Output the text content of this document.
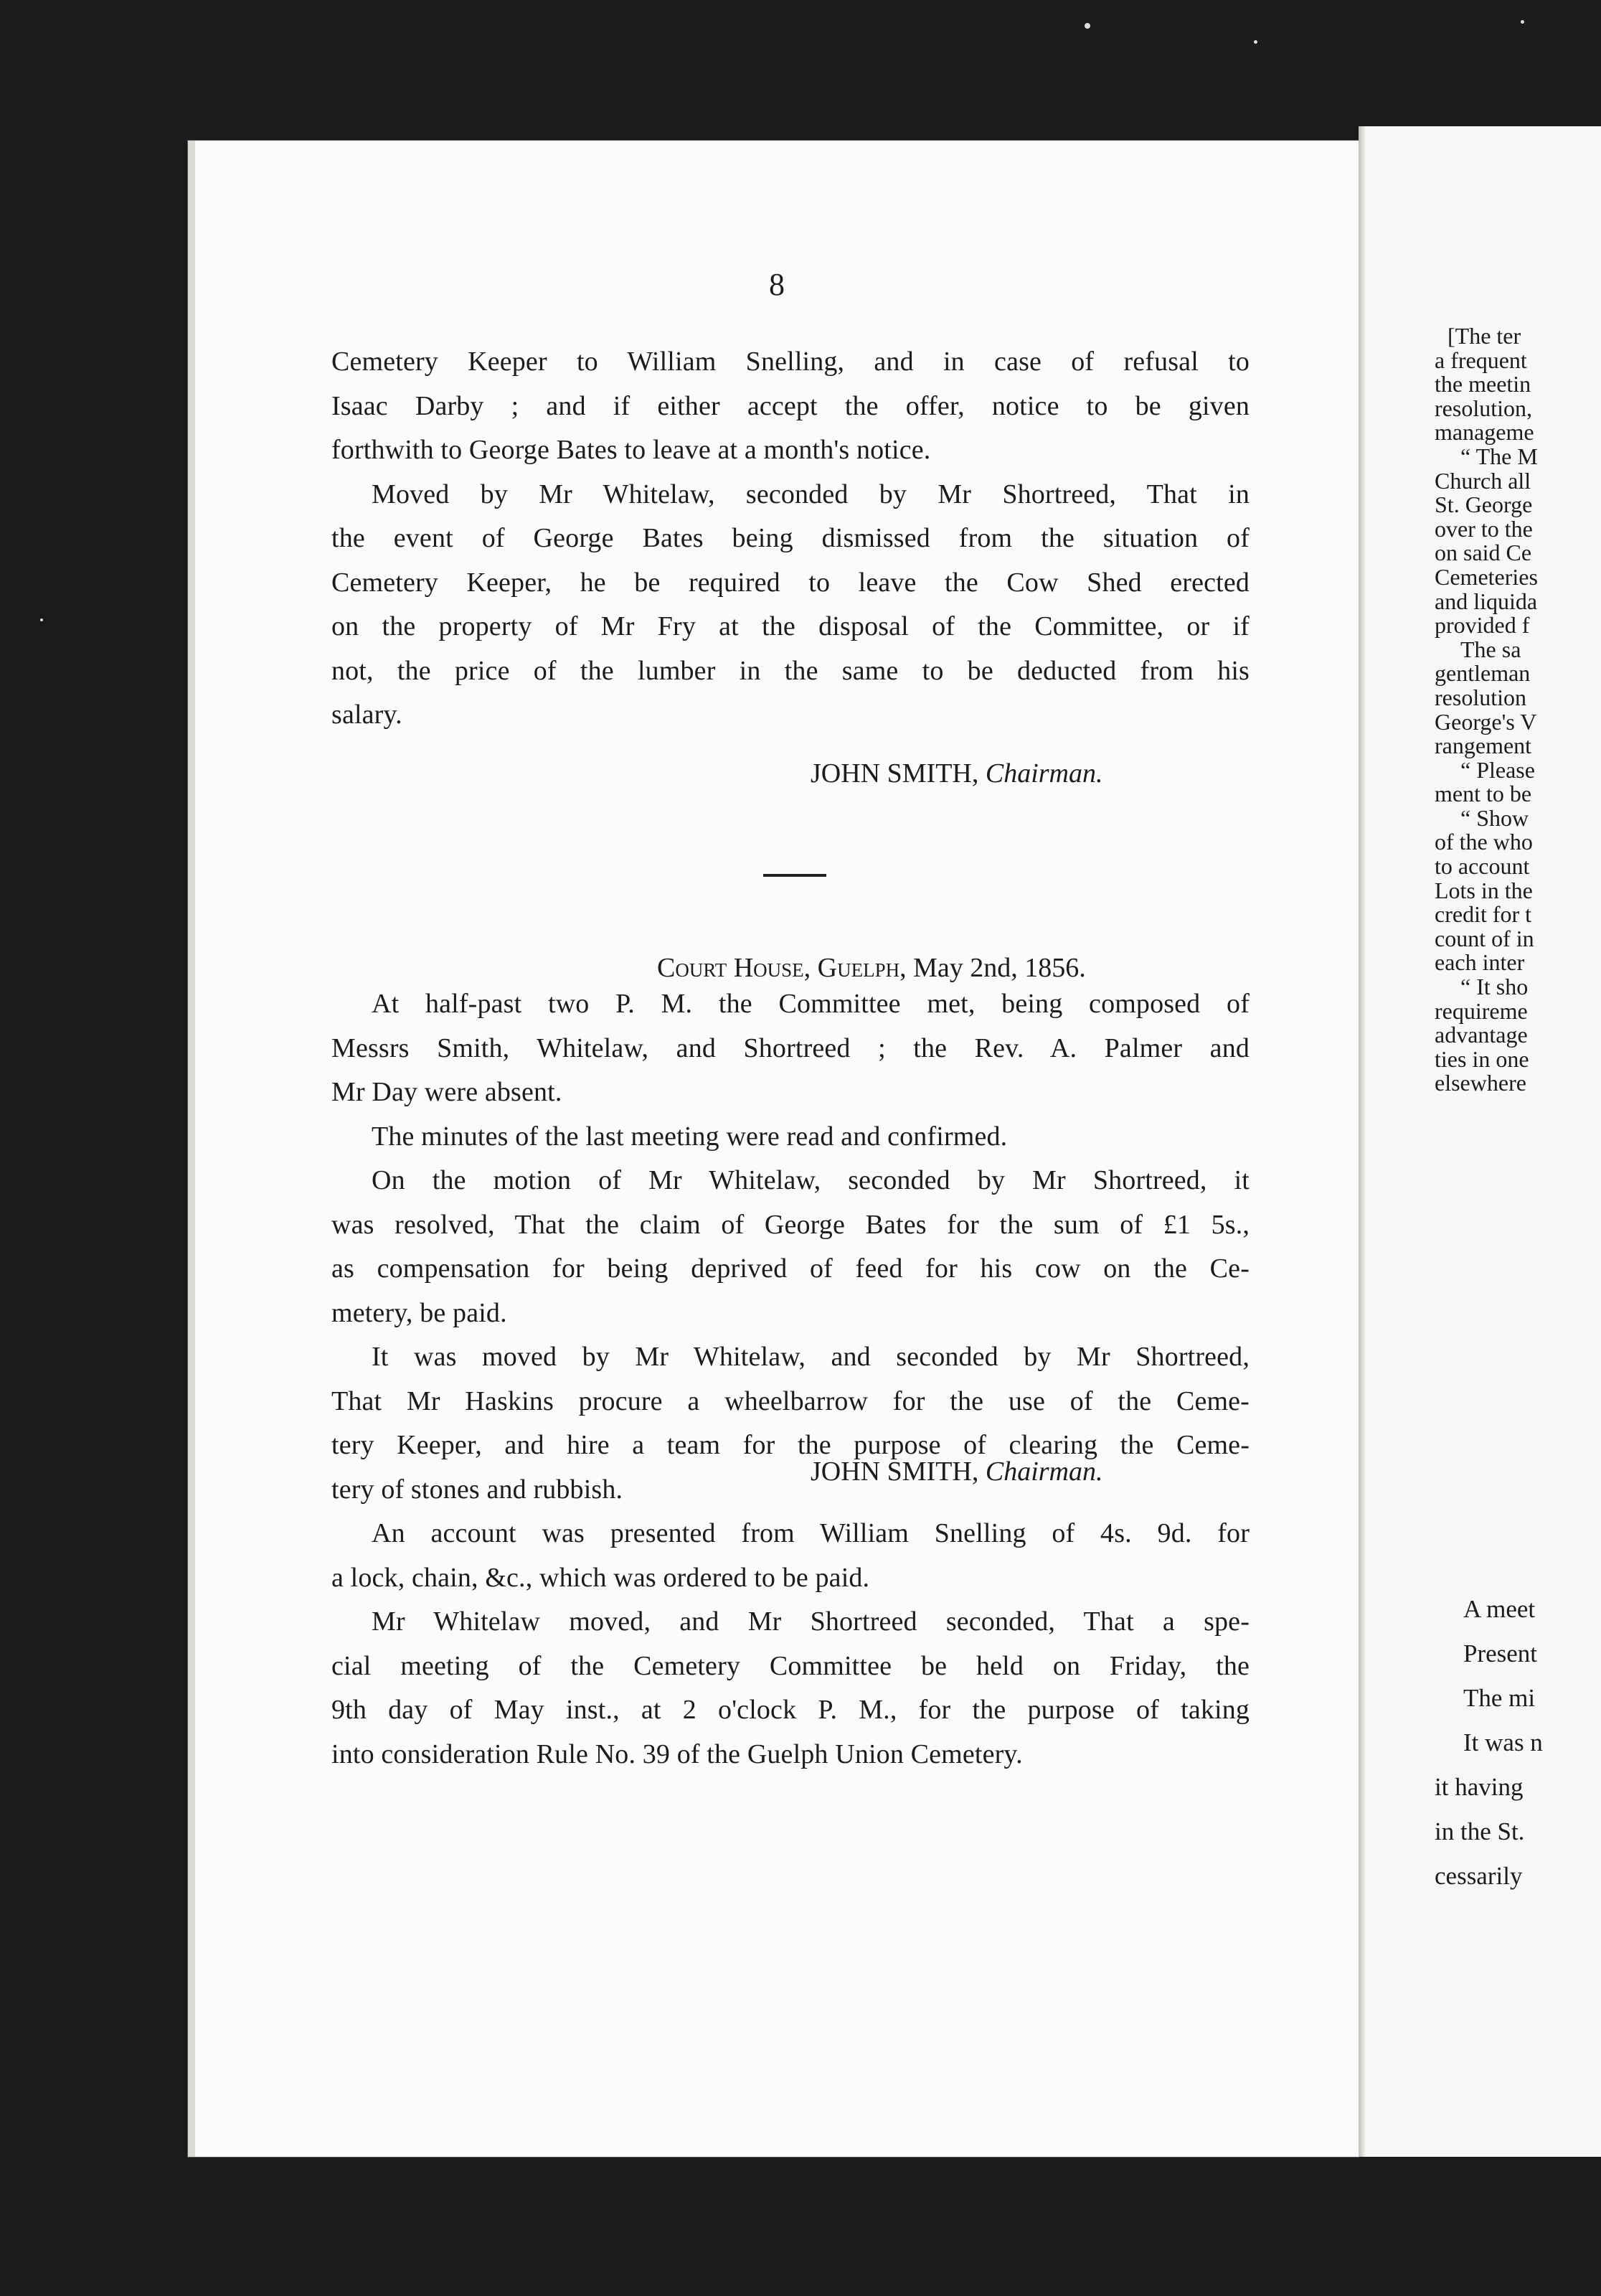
8

Cemetery Keeper to William Snelling, and in case of refusal to

Isaac Darby ; and if either accept the offer, notice to be given

forthwith to George Bates to leave at a month's notice.

Moved by Mr Whitelaw, seconded by Mr Shortreed, That in

the event of George Bates being dismissed from the situation of

Cemetery Keeper, he be required to leave the Cow Shed erected

on the property of Mr Fry at the disposal of the Committee, or if

not, the price of the lumber in the same to be deducted from his

salary.

JOHN SMITH, Chairman.
Court House, Guelph, May 2nd, 1856.

At half-past two P. M. the Committee met, being composed of

Messrs Smith, Whitelaw, and Shortreed ; the Rev. A. Palmer and

Mr Day were absent.

The minutes of the last meeting were read and confirmed.

On the motion of Mr Whitelaw, seconded by Mr Shortreed, it

was resolved, That the claim of George Bates for the sum of £1 5s.,

as compensation for being deprived of feed for his cow on the Ce-

metery, be paid.

It was moved by Mr Whitelaw, and seconded by Mr Shortreed,

That Mr Haskins procure a wheelbarrow for the use of the Ceme-

tery Keeper, and hire a team for the purpose of clearing the Ceme-

tery of stones and rubbish.

An account was presented from William Snelling of 4s. 9d. for

a lock, chain, &c., which was ordered to be paid.

Mr Whitelaw moved, and Mr Shortreed seconded, That a spe-

cial meeting of the Cemetery Committee be held on Friday, the

9th day of May inst., at 2 o'clock P. M., for the purpose of taking

into consideration Rule No. 39 of the Guelph Union Cemetery.

JOHN SMITH, Chairman.
[The ter
a frequent
the meetin
resolution,
manageme
“ The M
Church all
St. George
over to the
on said Ce
Cemeteries
and liquida
provided f
The sa
gentleman
resolution
George's V
rangement
“ Please
ment to be
“ Show
of the who
to account
Lots in the
credit for t
count of in
each inter
“ It sho
requireme
advantage
ties in one
elsewhere
A meet
Present
The mi
It was n
it having
in the St.
cessarily
